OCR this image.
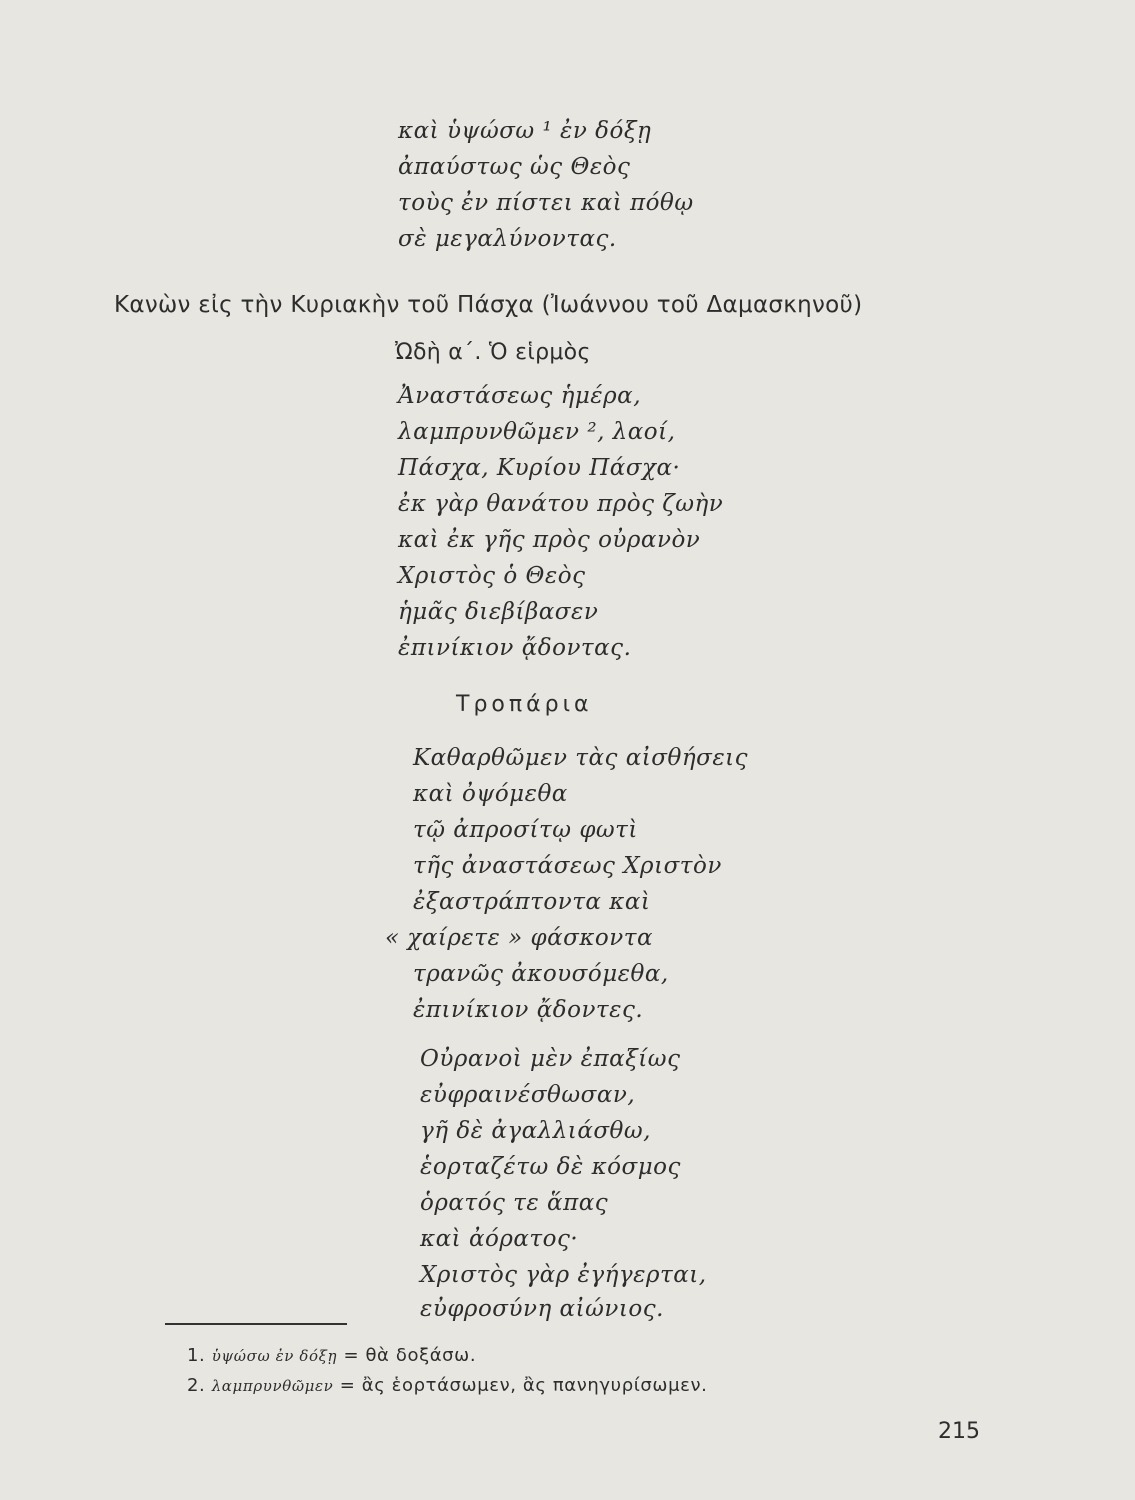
καὶ ὑψώσω ¹ ἐν δόξῃ

ἀπαύστως ὡς Θεὸς

τοὺς ἐν πίστει καὶ πόθῳ

σὲ μεγαλύνοντας.

Κανὼν εἰς τὴν Κυριακὴν τοῦ Πάσχα (Ἰωάννου τοῦ Δαμασκηνοῦ)

Ὠδὴ α΄. Ὁ εἱρμὸς

Ἀναστάσεως ἡμέρα,

λαμπρυνθῶμεν ², λαοί,

Πάσχα, Κυρίου Πάσχα·

ἐκ γὰρ θανάτου πρὸς ζωὴν

καὶ ἐκ γῆς πρὸς οὐρανὸν

Χριστὸς ὁ Θεὸς

ἡμᾶς διεβίβασεν

ἐπινίκιον ᾄδοντας.

Τροπάρια

Καθαρθῶμεν τὰς αἰσθήσεις

καὶ ὀψόμεθα

τῷ ἀπροσίτῳ φωτὶ

τῆς ἀναστάσεως Χριστὸν

ἐξαστράπτοντα καὶ

« χαίρετε » φάσκοντα

τρανῶς ἀκουσόμεθα,

ἐπινίκιον ᾄδοντες.

Οὐρανοὶ μὲν ἐπαξίως

εὐφραινέσθωσαν,

γῆ δὲ ἀγαλλιάσθω,

ἑορταζέτω δὲ κόσμος

ὁρατός τε ἅπας

καὶ ἀόρατος·

Χριστὸς γὰρ ἐγήγερται,

εὐφροσύνη αἰώνιος.

1. ὑψώσω ἐν δόξῃ = θὰ δοξάσω.

2. λαμπρυνθῶμεν = ἂς ἑορτάσωμεν, ἂς πανηγυρίσωμεν.

215
